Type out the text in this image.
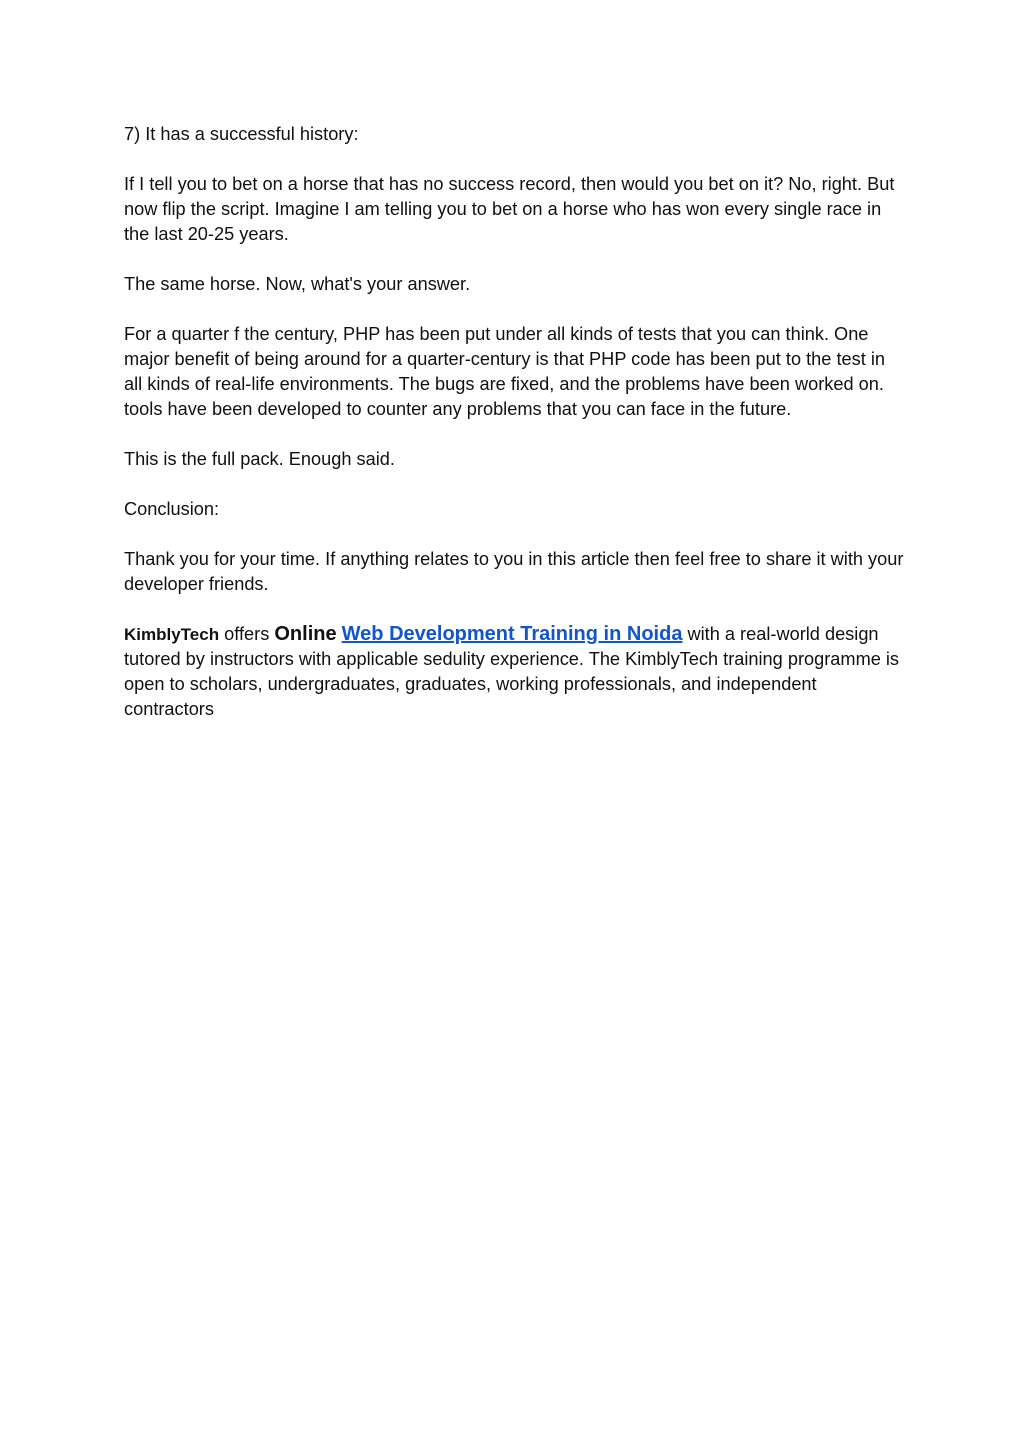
7) It has a successful history:

If I tell you to bet on a horse that has no success record, then would you bet on it? No, right. But now flip the script. Imagine I am telling you to bet on a horse who has won every single race in the last 20-25 years.

The same horse. Now, what's your answer.

For a quarter f the century, PHP has been put under all kinds of tests that you can think. One major benefit of being around for a quarter-century is that PHP code has been put to the test in all kinds of real-life environments. The bugs are fixed, and the problems have been worked on. tools have been developed to counter any problems that you can face in the future.

This is the full pack. Enough said.

Conclusion:

Thank you for your time. If anything relates to you in this article then feel free to share it with your developer friends.

KimblyTech offers Online Web Development Training in Noida with a real-world design tutored by instructors with applicable sedulity experience. The KimblyTech training programme is open to scholars, undergraduates, graduates, working professionals, and independent contractors
